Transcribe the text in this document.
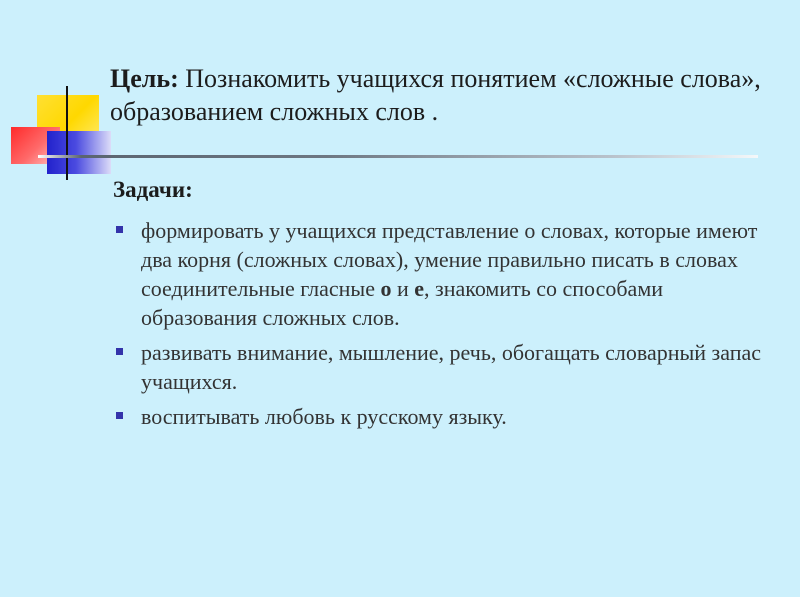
Цель: Познакомить учащихся понятием «сложные слова», образованием сложных слов .
Задачи:
формировать у учащихся представление о словах, которые имеют два корня (сложных словах), умение правильно писать в словах соединительные гласные о и е, знакомить со способами образования сложных слов.
развивать внимание, мышление, речь, обогащать словарный запас учащихся.
воспитывать любовь к русскому языку.
